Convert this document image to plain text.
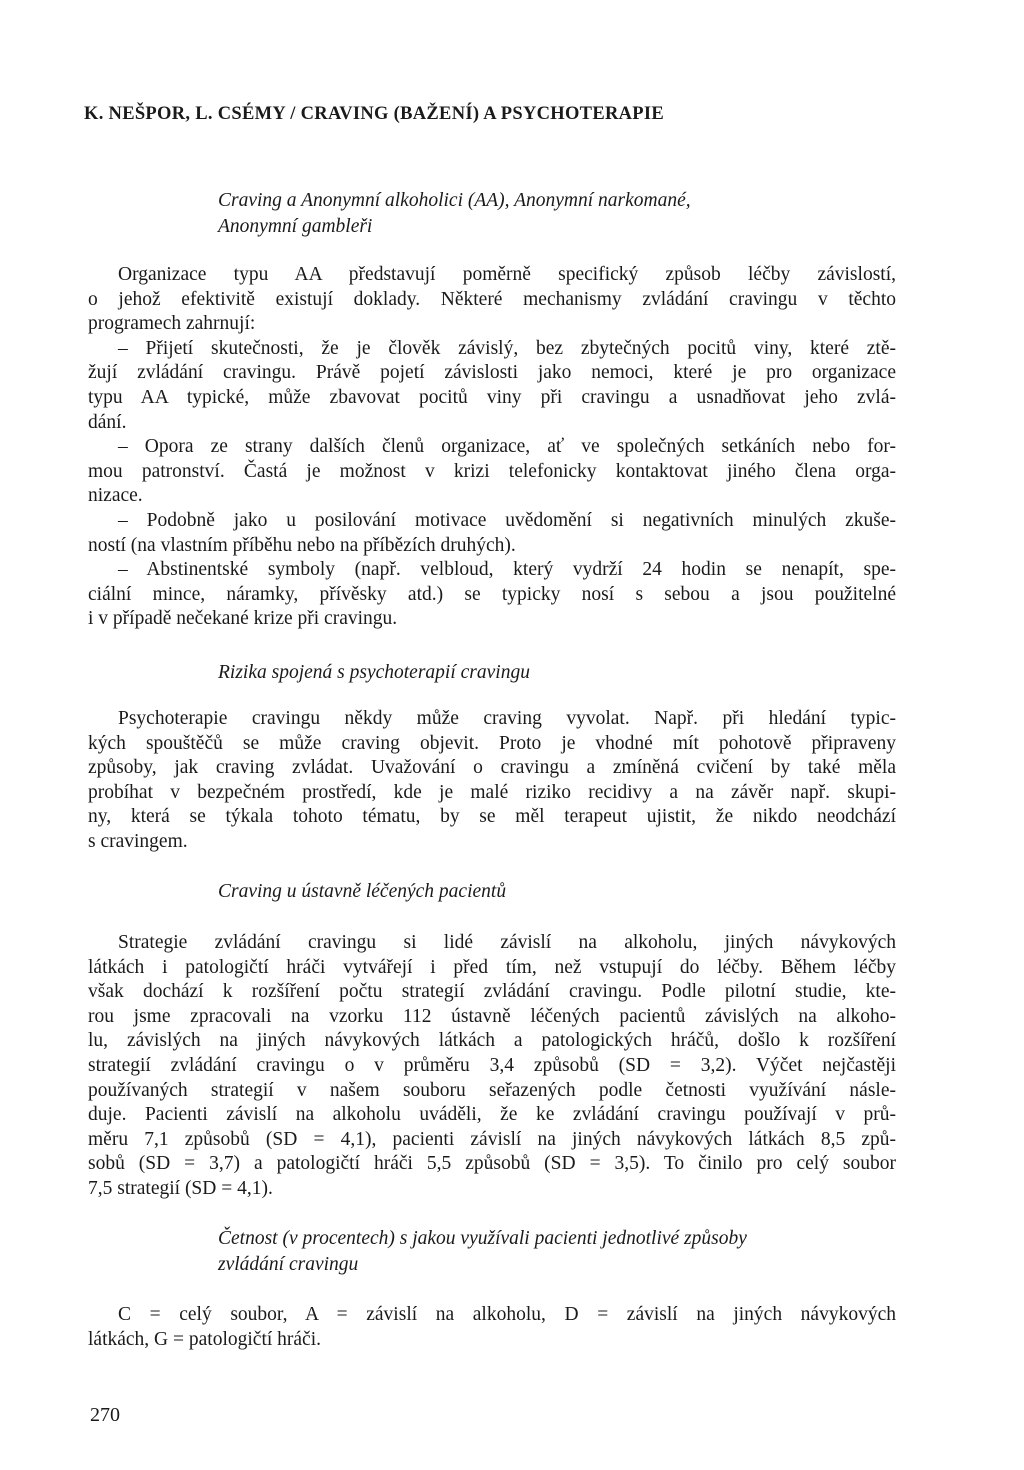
K. NEŠPOR, L. CSÉMY / CRAVING (BAŽENÍ) A PSYCHOTERAPIE
Craving a Anonymní alkoholici (AA), Anonymní narkomané,
Anonymní gambleři
Organizace typu AA představují poměrně specifický způsob léčby závislostí,
o jehož efektivitě existují doklady. Některé mechanismy zvládání cravingu v těchto
programech zahrnují:
– Přijetí skutečnosti, že je člověk závislý, bez zbytečných pocitů viny, které ztě-
žují zvládání cravingu. Právě pojetí závislosti jako nemoci, které je pro organizace
typu AA typické, může zbavovat pocitů viny při cravingu a usnadňovat jeho zvlá-
dání.
– Opora ze strany dalších členů organizace, ať ve společných setkáních nebo for-
mou patronství. Častá je možnost v krizi telefonicky kontaktovat jiného člena orga-
nizace.
– Podobně jako u posilování motivace uvědomění si negativních minulých zkuše-
ností (na vlastním příběhu nebo na příbězích druhých).
– Abstinentské symboly (např. velbloud, který vydrží 24 hodin se nenapít, spe-
ciální mince, náramky, přívěsky atd.) se typicky nosí s sebou a jsou použitelné
i v případě nečekané krize při cravingu.
Rizika spojená s psychoterapií cravingu
Psychoterapie cravingu někdy může craving vyvolat. Např. při hledání typic-
kých spouštěčů se může craving objevit. Proto je vhodné mít pohotově připraveny
způsoby, jak craving zvládat. Uvažování o cravingu a zmíněná cvičení by také měla
probíhat v bezpečném prostředí, kde je malé riziko recidivy a na závěr např. skupi-
ny, která se týkala tohoto tématu, by se měl terapeut ujistit, že nikdo neodchází
s cravingem.
Craving u ústavně léčených pacientů
Strategie zvládání cravingu si lidé závislí na alkoholu, jiných návykových
látkách i patologičtí hráči vytvářejí i před tím, než vstupují do léčby. Během léčby
však dochází k rozšíření počtu strategií zvládání cravingu. Podle pilotní studie, kte-
rou jsme zpracovali na vzorku 112 ústavně léčených pacientů závislých na alkoho-
lu, závislých na jiných návykových látkách a patologických hráčů, došlo k rozšíření
strategií zvládání cravingu o v průměru 3,4 způsobů (SD = 3,2). Výčet nejčastěji
používaných strategií v našem souboru seřazených podle četnosti využívání násle-
duje. Pacienti závislí na alkoholu uváděli, že ke zvládání cravingu používají v prů-
měru 7,1 způsobů (SD = 4,1), pacienti závislí na jiných návykových látkách 8,5 způ-
sobů (SD = 3,7) a patologičtí hráči 5,5 způsobů (SD = 3,5). To činilo pro celý soubor
7,5 strategií (SD = 4,1).
Četnost (v procentech) s jakou využívali pacienti jednotlivé způsoby
zvládání cravingu
C = celý soubor, A = závislí na alkoholu, D = závislí na jiných návykových
látkách, G = patologičtí hráči.
270
